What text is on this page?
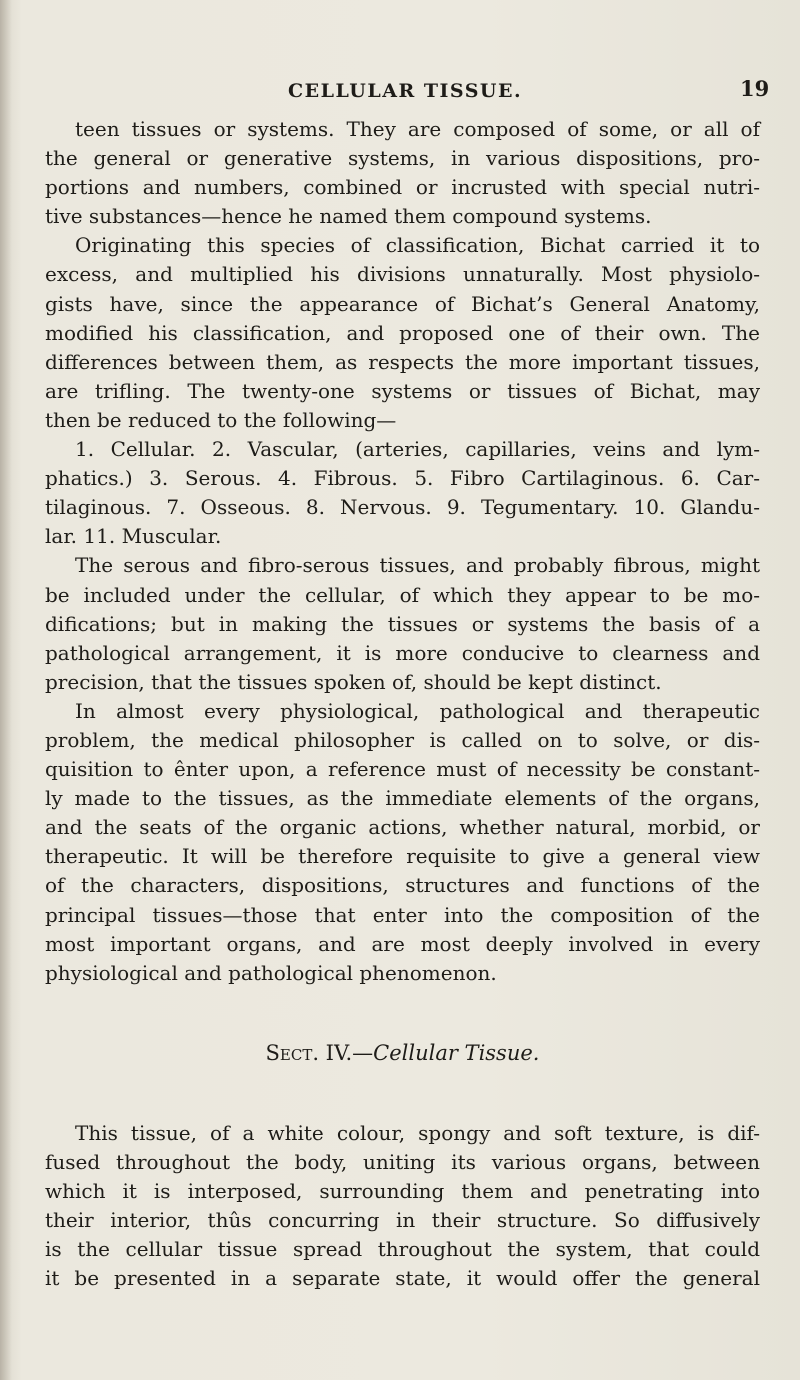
CELLULAR TISSUE.	19
teen tissues or systems. They are composed of some, or all of
the general or generative systems, in various dispositions, pro-
portions and numbers, combined or incrusted with special nutri-
tive substances—hence he named them compound systems.
Originating this species of classification, Bichat carried it to
excess, and multiplied his divisions unnaturally. Most physiolo-
gists have, since the appearance of Bichat’s General Anatomy,
modified his classification, and proposed one of their own. The
differences between them, as respects the more important tissues,
are trifling. The twenty-one systems or tissues of Bichat, may
then be reduced to the following—
1. Cellular. 2. Vascular, (arteries, capillaries, veins and lym-
phatics.) 3. Serous. 4. Fibrous. 5. Fibro Cartilaginous. 6. Car-
tilaginous. 7. Osseous. 8. Nervous. 9. Tegumentary. 10. Glandu-
lar. 11. Muscular.
The serous and fibro-serous tissues, and probably fibrous, might
be included under the cellular, of which they appear to be mo-
difications; but in making the tissues or systems the basis of a
pathological arrangement, it is more conducive to clearness and
precision, that the tissues spoken of, should be kept distinct.
In almost every physiological, pathological and therapeutic
problem, the medical philosopher is called on to solve, or dis-
quisition to ênter upon, a reference must of necessity be constant-
ly made to the tissues, as the immediate elements of the organs,
and the seats of the organic actions, whether natural, morbid, or
therapeutic. It will be therefore requisite to give a general view
of the characters, dispositions, structures and functions of the
principal tissues—those that enter into the composition of the
most important organs, and are most deeply involved in every
physiological and pathological phenomenon.
Sect. IV.—Cellular Tissue.
This tissue, of a white colour, spongy and soft texture, is dif-
fused throughout the body, uniting its various organs, between
which it is interposed, surrounding them and penetrating into
their interior, thûs concurring in their structure. So diffusively
is the cellular tissue spread throughout the system, that could
it be presented in a separate state, it would offer the general
